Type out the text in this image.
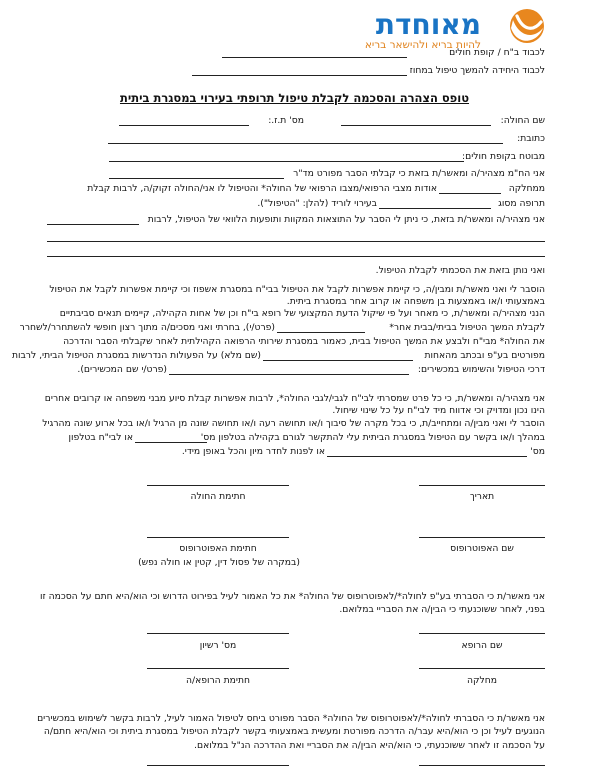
מאוחדת
להיות בריא ולהישאר בריא
לכבוד ב"ח / קופת חולים
לכבוד היחידה להמשך טיפול במחוז
טופס הצהרה והסכמה לקבלת טיפול תרופתי בעירוי במסגרת ביתית
שם החולה:
מס' ת.ז.:
כתובת:
מבוטח בקופת חולים:
אני הח"מ מצהיר/ה ומאשר/ת בזאת כי קבלתי הסבר מפורט מד"ר
ממחלקה
אודות מצבי הרפואי/מצבו הרפואי של החולה* והטיפול לו אני/החולה זקוק/ה, לרבות קבלת
תרופה מסוג
בעירוי לוריד (להלן: "הטיפול").
אני מצהיר/ה ומאשר/ת בזאת, כי ניתן לי הסבר על התוצאות המקוות ותופעות הלוואי של הטיפול, לרבות
ואני נותן בזאת את הסכמתי לקבלת הטיפול.
הוסבר לי ואני מאשר/ת ומבין/ה, כי קיימת אפשרות לקבל את הטיפול בבי"ח במסגרת אשפוז וכי קיימת אפשרות לקבל את הטיפול
באמצעותי ו/או באמצעות בן משפחה או קרוב אחר במסגרת ביתית.
הנני מצהיר/ה ומאשר/ת, כי מאחר ועל פי שיקול הדעת המקצועי של רופא בי"ח וכן של אחות הקהילה, קיימים תנאים סביבתיים
לקבלת המשך הטיפול בביתי/בבית אחר*
(פרט/י), בחרתי ואני מסכים/ה מתוך רצון חופשי להשתחרר/לשחרר
את החולה* מבי"ח ולבצע את המשך הטיפול בבית, כאמור במסגרת שירותי הרפואה הקהילתית לאחר שקבלתי הסבר והדרכה
מפורטים בע"פ ובכתב מהאחות
(שם מלא) על הפעולות הנדרשות במסגרת הטיפול הביתי, לרבות
דרכי הטיפול והשימוש במכשירים:
(פרט/י שם המכשירים).
אני מצהיר/ה ומאשר/ת, כי כל פרט שמסרתי לבי"ח לגבי/לגבי החולה*, לרבות אפשרות קבלת סיוע מבני משפחה או קרובים אחרים
הינו נכון ומדויק וכי אדווח מיד לבי"ח על כל שינוי שיחול.
הוסבר לי ואני מבין/ה ומתחייב/ת, כי בכל מקרה של סיבוך ו/או תחושה רעה ו/או תחושה שונה מן הרגיל ו/או בכל ארוע שונה מהרגיל
במהלך ו/או בקשר עם הטיפול במסגרת הביתית עלי להתקשר לגורם בקהילה בטלפון מס'
או לבי"ח בטלפון
מס'
או לפנות לחדר מיון והכל באופן מידי.
תאריך
חתימת החולה
שם האפוטרופוס
חתימת האפוטרופוס
(במקרה של פסול דין, קטין או חולה נפש)
אני מאשר/ת כי הסברתי בע"פ לחולה*/לאפוטרופוס של החולה* את כל האמור לעיל בפירוט הדרוש וכי הוא/היא חתם על הסכמה זו
בפני, לאחר ששוכנעתי כי הבין/ה את הסבריי במלואם.
שם הרופא
מס' רשיון
מחלקה
חתימת הרופא/ה
אני מאשר/ת כי הסברתי לחולה*/לאפוטרופוס של החולה* הסבר מפורט ביחס לטיפול האמור לעיל, לרבות בקשר לשימוש במכשירים
הנוגעים לעיל וכן כי הוא/היא עבר/ה הדרכה מפורטת ומעשית באמצעותי בקשר לקבלת הטיפול במסגרת ביתית וכי הוא/היא חתם/ה
על הסכמה זו לאחר ששוכנעתי, כי הוא/היא הבין/ה את הסבריי ואת ההדרכה הנ"ל במלואם.
